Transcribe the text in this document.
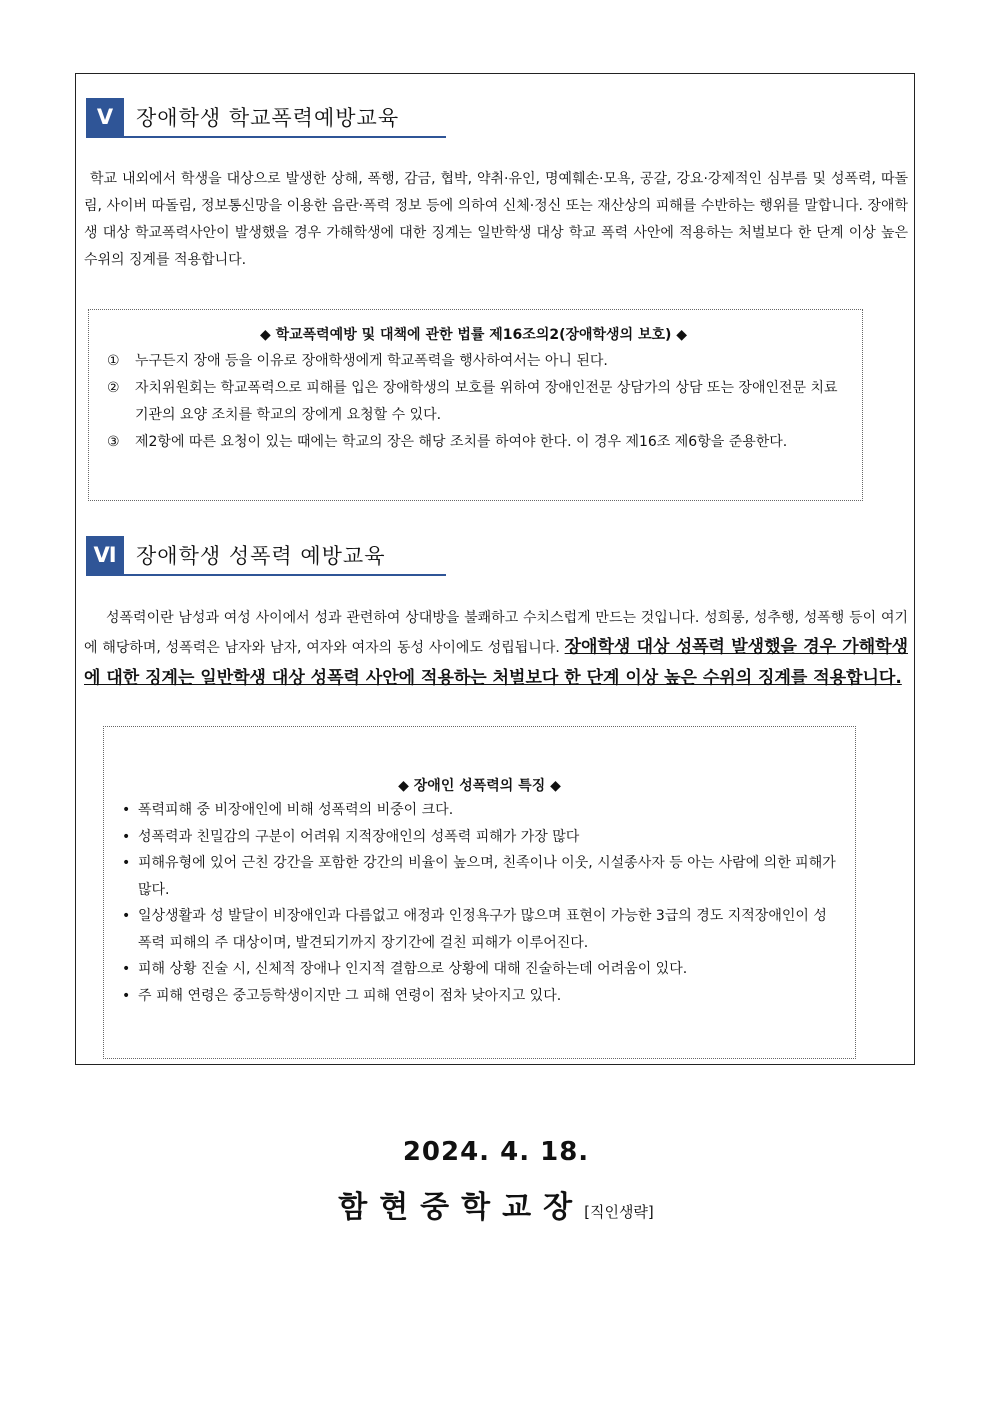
Ⅴ	장애학생 학교폭력예방교육

학교 내외에서 학생을 대상으로 발생한 상해, 폭행, 감금, 협박, 약취·유인, 명예훼손·모욕, 공갈, 강요·강제적인 심부름 및 성폭력, 따돌림, 사이버 따돌림, 정보통신망을 이용한 음란·폭력 정보 등에 의하여 신체·정신 또는 재산상의 피해를 수반하는 행위를 말합니다. 장애학생 대상 학교폭력사안이 발생했을 경우 가해학생에 대한 징계는 일반학생 대상 학교 폭력 사안에 적용하는 처벌보다 한 단계 이상 높은 수위의 징계를 적용합니다.

◆ 학교폭력예방 및 대책에 관한 법률 제16조의2(장애학생의 보호) ◆

①	누구든지 장애 등을 이유로 장애학생에게 학교폭력을 행사하여서는 아니 된다.
②	자치위원회는 학교폭력으로 피해를 입은 장애학생의 보호를 위하여 장애인전문 상담가의 상담 또는 장애인전문 치료기관의 요양 조치를 학교의 장에게 요청할 수 있다.
③	제2항에 따른 요청이 있는 때에는 학교의 장은 해당 조치를 하여야 한다. 이 경우 제16조 제6항을 준용한다.
Ⅵ 장애학생 성폭력 예방교육

성폭력이란 남성과 여성 사이에서 성과 관련하여 상대방을 불쾌하고 수치스럽게 만드는 것입니다. 성희롱, 성추행, 성폭행 등이 여기에 해당하며, 성폭력은 남자와 남자, 여자와 여자의 동성 사이에도 성립됩니다. 장애학생 대상 성폭력 발생했을 경우 가해학생에 대한 징계는 일반학생 대상 성폭력 사안에 적용하는 처벌보다 한 단계 이상 높은 수위의 징계를 적용합니다.

◆ 장애인 성폭력의 특징 ◆

• 폭력피해 중 비장애인에 비해 성폭력의 비중이 크다.
• 성폭력과 친밀감의 구분이 어려워 지적장애인의 성폭력 피해가 가장 많다
• 피해유형에 있어 근친 강간을 포함한 강간의 비율이 높으며, 친족이나 이웃, 시설종사자 등 아는 사람에 의한 피해가 많다.
• 일상생활과 성 발달이 비장애인과 다름없고 애정과 인정욕구가 많으며 표현이 가능한 3급의 경도 지적장애인이 성폭력 피해의 주 대상이며, 발견되기까지 장기간에 걸친 피해가 이루어진다.
• 피해 상황 진술 시, 신체적 장애나 인지적 결함으로 상황에 대해 진술하는데 어려움이 있다.
• 주 피해 연령은 중고등학생이지만 그 피해 연령이 점차 낮아지고 있다.
2024. 4. 18.
함현중학교장[직인생략]
